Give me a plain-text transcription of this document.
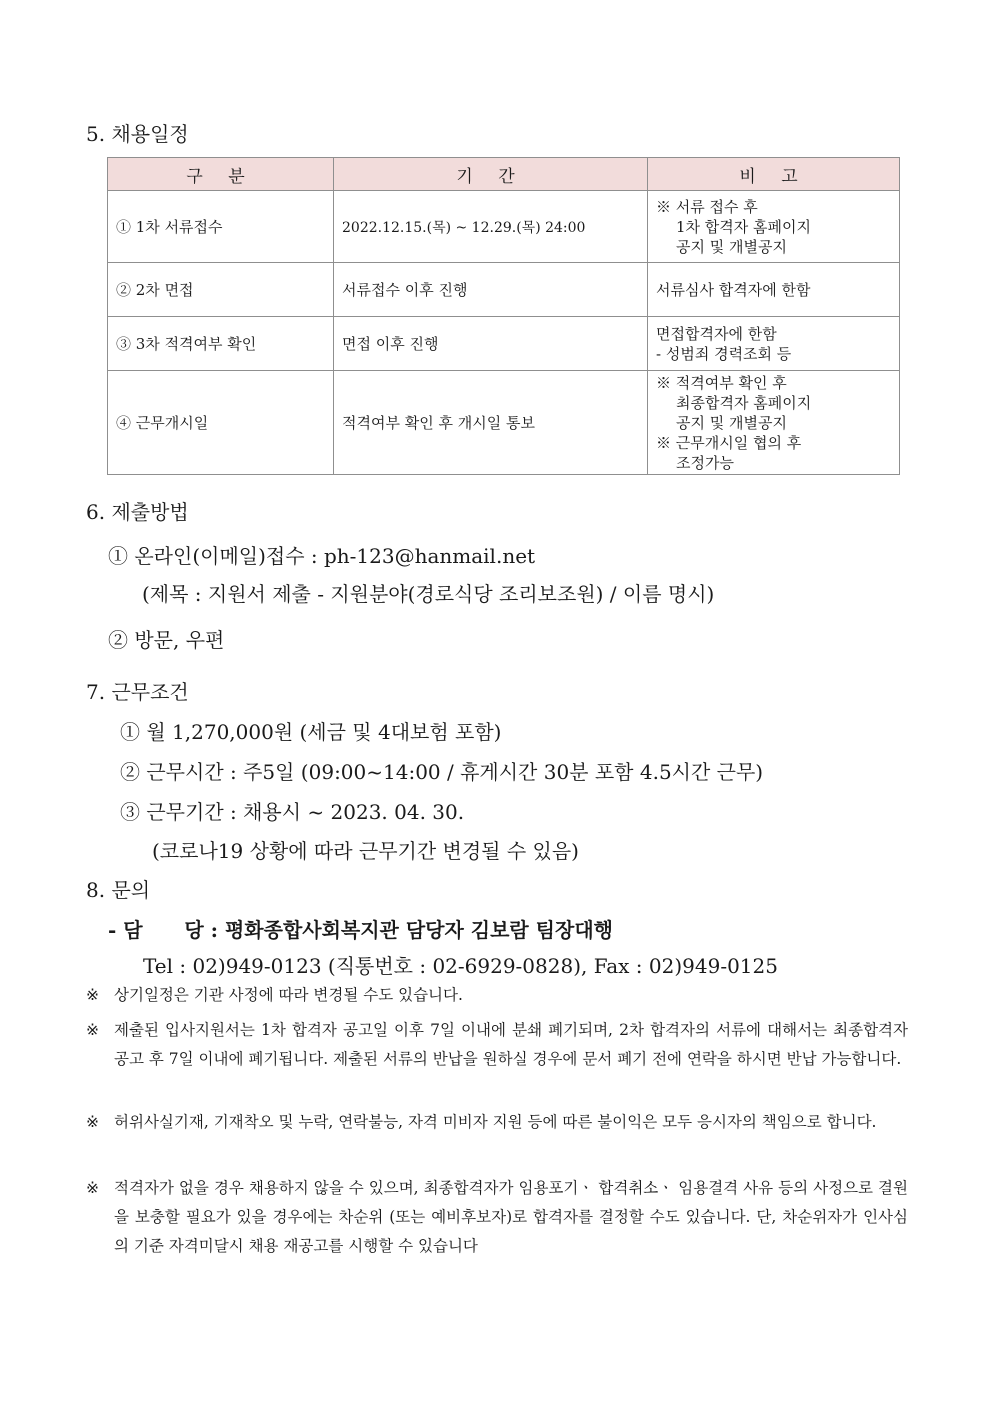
5. 채용일정
구 분	기 간	비 고
① 1차 서류접수	2022.12.15.(목) ~ 12.29.(목) 24:00	※ 서류 접수 후
1차 합격자 홈페이지
공지 및 개별공지

② 2차 면접	서류접수 이후 진행	서류심사 합격자에 한함

③ 3차 적격여부 확인	면접 이후 진행	면접합격자에 한함
- 성범죄 경력조회 등

④ 근무개시일	적격여부 확인 후 개시일 통보	※ 적격여부 확인 후
최종합격자 홈페이지
공지 및 개별공지
※ 근무개시일 협의 후
조정가능
6. 제출방법
① 온라인(이메일)접수 : ph-123@hanmail.net
(제목 : 지원서 제출 - 지원분야(경로식당 조리보조원) / 이름 명시)
② 방문, 우편
7. 근무조건
① 월 1,270,000원 (세금 및 4대보험 포함)
② 근무시간 : 주5일 (09:00~14:00 / 휴게시간 30분 포함 4.5시간 근무)
③ 근무기간 : 채용시 ~ 2023. 04. 30.
(코로나19 상황에 따라 근무기간 변경될 수 있음)
8. 문의
- 담      당 : 평화종합사회복지관 담당자 김보람 팀장대행
Tel : 02)949-0123 (직통번호 : 02-6929-0828), Fax : 02)949-0125
※ 상기일정은 기관 사정에 따라 변경될 수도 있습니다.
※ 제출된 입사지원서는 1차 합격자 공고일 이후 7일 이내에 분쇄 폐기되며, 2차 합격자의 서류에 대해서는 최종합격자 공고 후 7일 이내에 폐기됩니다. 제출된 서류의 반납을 원하실 경우에 문서 폐기 전에 연락을 하시면 반납 가능합니다.
※ 허위사실기재, 기재착오 및 누락, 연락불능, 자격 미비자 지원 등에 따른 불이익은 모두 응시자의 책임으로 합니다.
※ 적격자가 없을 경우 채용하지 않을 수 있으며, 최종합격자가 임용포기ㆍ 합격취소ㆍ 임용결격 사유 등의 사정으로 결원을 보충할 필요가 있을 경우에는 차순위 (또는 예비후보자)로 합격자를 결정할 수도 있습니다. 단, 차순위자가 인사심의 기준 자격미달시 채용 재공고를 시행할 수 있습니다
